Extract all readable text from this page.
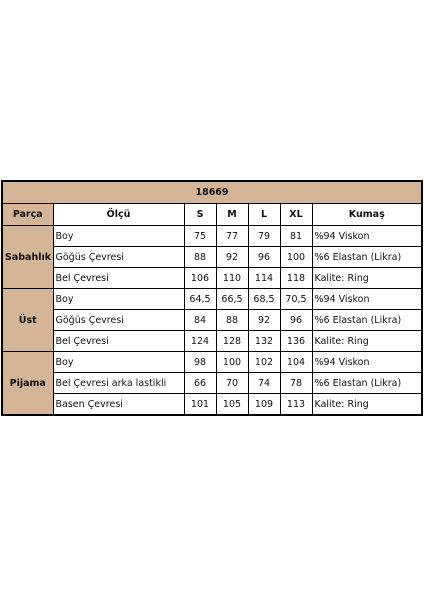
18669						
Parça	Ölçü	S	M	L	XL	Kumaş
Sabahlık	Boy	75	77	79	81	%94 Viskon
	Göğüs Çevresi	88	92	96	100	%6 Elastan (Likra)
	Bel Çevresi	106	110	114	118	Kalite: Ring
Üst	Boy	64,5	66,5	68,5	70,5	%94 Viskon
	Göğüs Çevresi	84	88	92	96	%6 Elastan (Likra)
	Bel Çevresi	124	128	132	136	Kalite: Ring
Pijama	Boy	98	100	102	104	%94 Viskon
	Bel Çevresi arka lastikli	66	70	74	78	%6 Elastan (Likra)
	Basen Çevresi	101	105	109	113	Kalite: Ring
